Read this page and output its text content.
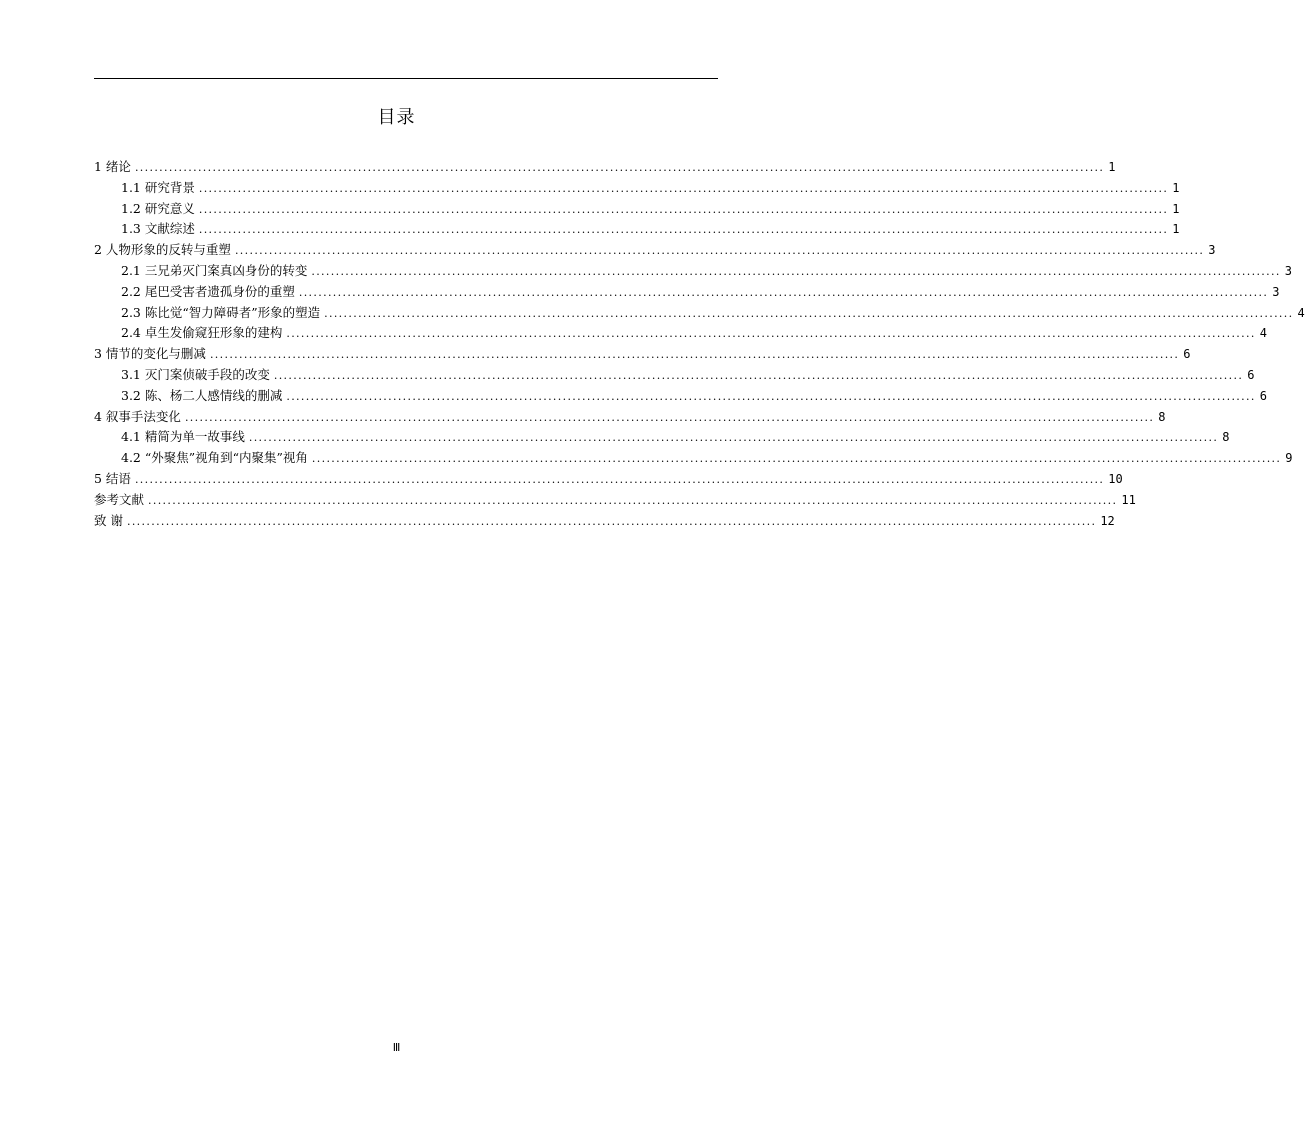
目录
1 绪论 ........................................................................................................................................................................................................ 1
1.1 研究背景 ........................................................................................................................................................................................................ 1
1.2 研究意义 ........................................................................................................................................................................................................ 1
1.3 文献综述 ........................................................................................................................................................................................................ 1
2 人物形象的反转与重塑 ........................................................................................................................................................................................................ 3
2.1 三兄弟灭门案真凶身份的转变 ........................................................................................................................................................................................................ 3
2.2 尾巴受害者遗孤身份的重塑 ........................................................................................................................................................................................................ 3
2.3 陈比觉“智力障碍者”形象的塑造 ........................................................................................................................................................................................................ 4
2.4 卓生发偷窥狂形象的建构 ........................................................................................................................................................................................................ 4
3 情节的变化与删减 ........................................................................................................................................................................................................ 6
3.1 灭门案侦破手段的改变 ........................................................................................................................................................................................................ 6
3.2 陈、杨二人感情线的删减 ........................................................................................................................................................................................................ 6
4 叙事手法变化 ........................................................................................................................................................................................................ 8
4.1 精简为单一故事线 ........................................................................................................................................................................................................ 8
4.2 “外聚焦”视角到“内聚集”视角 ........................................................................................................................................................................................................ 9
5 结语 ........................................................................................................................................................................................................ 10
参考文献 ........................................................................................................................................................................................................ 11
致 谢 ........................................................................................................................................................................................................ 12
Ⅲ
